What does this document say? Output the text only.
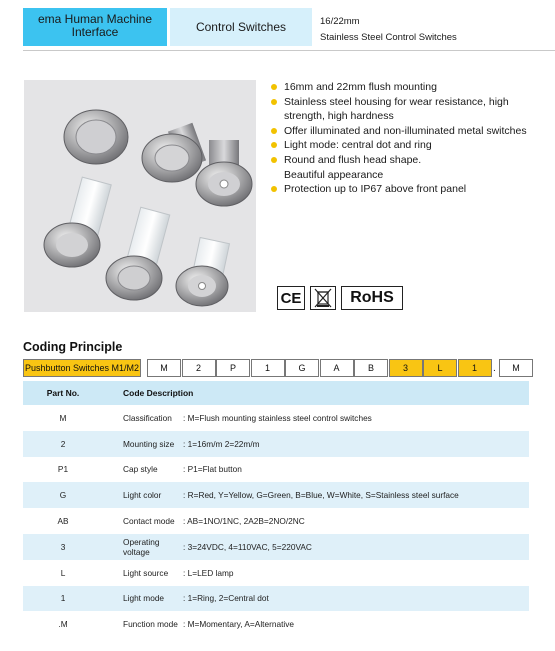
ema Human Machine Interface	Control Switches	16/22mm
Stainless Steel Control Switches
16mm and 22mm flush mounting
Stainless steel housing for wear resistance, high strength, high hardness
Offer illuminated and non-illuminated metal switches
Light mode: central dot and ring
Round and flush head shape.
Beautiful appearance
Protection up to IP67 above front panel
CE	RoHS
Coding Principle
Pushbutton Switches M1/M2	M	2	P	1	G	A	B	3	L	1	.	M
Part No.	Code Description	
M	Classification	: M=Flush mounting stainless steel control switches
2	Mounting size	: 1=16m/m 2=22m/m
P1	Cap style	: P1=Flat button
G	Light color	: R=Red, Y=Yellow, G=Green, B=Blue, W=White, S=Stainless steel surface
AB	Contact mode	: AB=1NO/1NC, 2A2B=2NO/2NC
3	Operating voltage	: 3=24VDC, 4=110VAC, 5=220VAC
L	Light source	: L=LED lamp
1	Light mode	: 1=Ring, 2=Central dot
.M	Function mode	: M=Momentary, A=Alternative
